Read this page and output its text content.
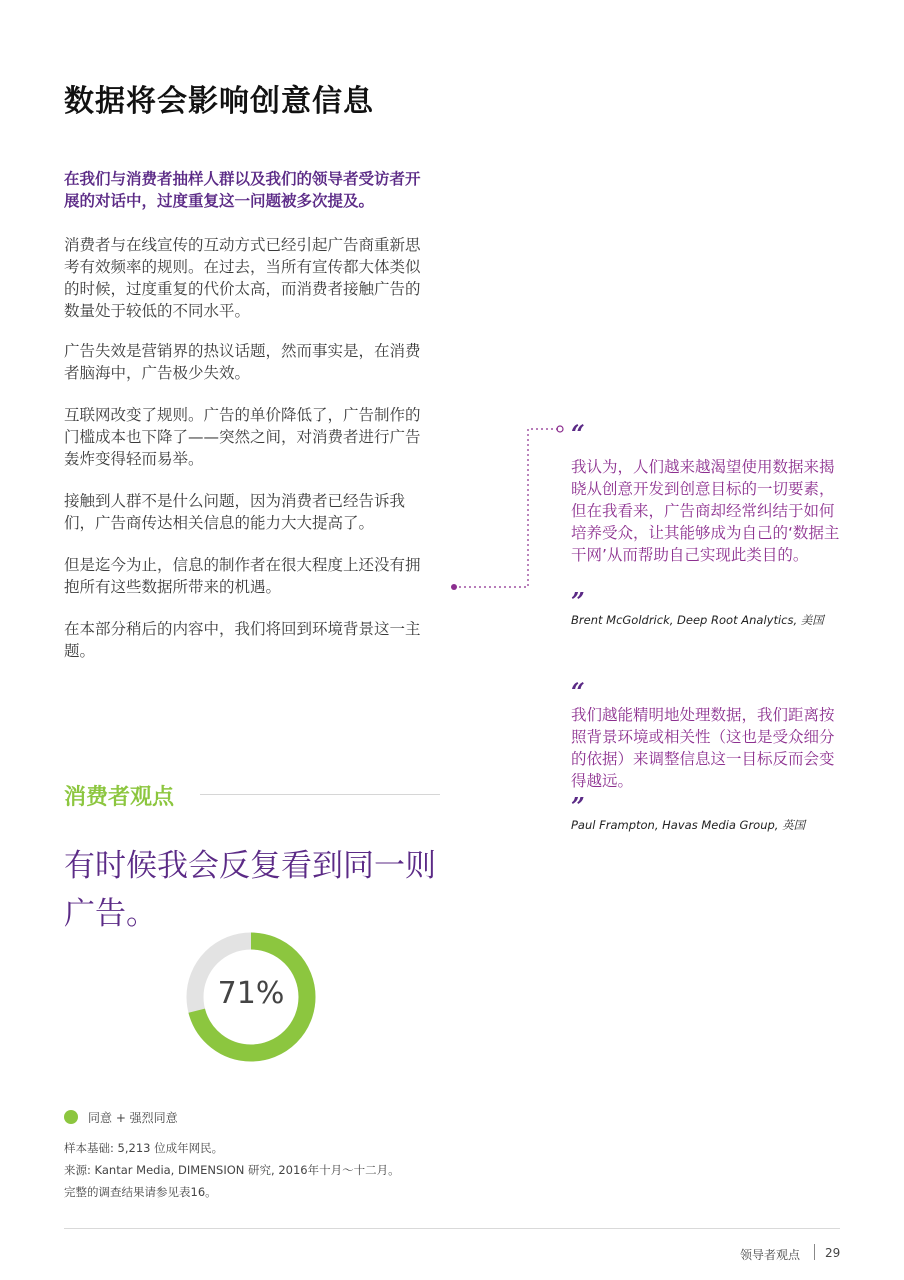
数据将会影响创意信息
在我们与消费者抽样人群以及我们的领导者受访者开展的对话中，过度重复这一问题被多次提及。
消费者与在线宣传的互动方式已经引起广告商重新思考有效频率的规则。在过去，当所有宣传都大体类似的时候，过度重复的代价太高，而消费者接触广告的数量处于较低的不同水平。
广告失效是营销界的热议话题，然而事实是，在消费者脑海中，广告极少失效。
互联网改变了规则。广告的单价降低了，广告制作的门槛成本也下降了——突然之间，对消费者进行广告轰炸变得轻而易举。
接触到人群不是什么问题，因为消费者已经告诉我们，广告商传达相关信息的能力大大提高了。
但是迄今为止，信息的制作者在很大程度上还没有拥抱所有这些数据所带来的机遇。
在本部分稍后的内容中，我们将回到环境背景这一主题。
“
我认为，人们越来越渴望使用数据来揭晓从创意开发到创意目标的一切要素，但在我看来，广告商却经常纠结于如何培养受众，让其能够成为自己的‘数据主干网’从而帮助自己实现此类目的。
”
Brent McGoldrick, Deep Root Analytics, 美国
“
我们越能精明地处理数据，我们距离按照背景环境或相关性（这也是受众细分的依据）来调整信息这一目标反而会变得越远。
”
Paul Frampton, Havas Media Group, 英国
消费者观点
有时候我会反复看到同一则广告。
71%
同意 + 强烈同意
样本基础: 5,213 位成年网民。
来源: Kantar Media, DIMENSION 研究, 2016年十月～十二月。
完整的调查结果请参见表16。
领导者观点 29
